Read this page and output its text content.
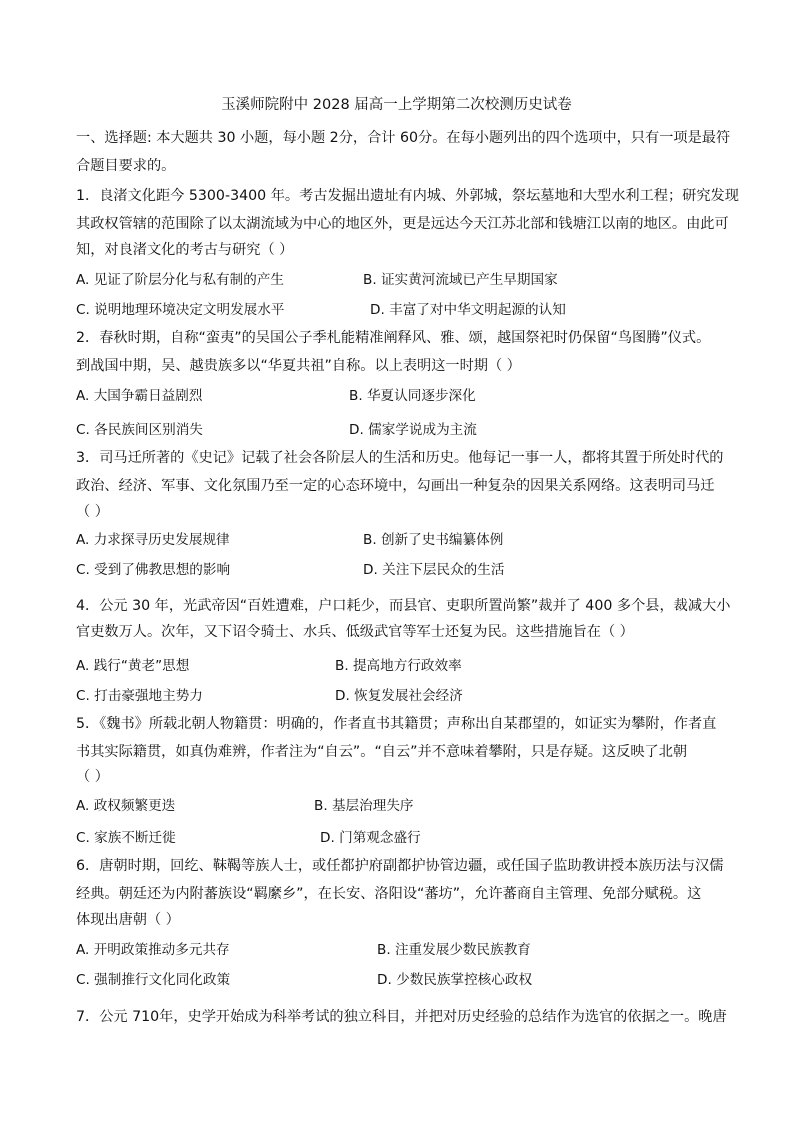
玉溪师院附中 2028 届高一上学期第二次校测历史试卷
一、选择题: 本大题共 30 小题，每小题 2分，合计 60分。在每小题列出的四个选项中，只有一项是最符
合题目要求的。
1．良渚文化距今 5300-3400 年。考古发掘出遗址有内城、外郭城，祭坛墓地和大型水利工程；研究发现
其政权管辖的范围除了以太湖流域为中心的地区外，更是远达今天江苏北部和钱塘江以南的地区。由此可
知，对良渚文化的考古与研究（ ）
A. 见证了阶层分化与私有制的产生	B. 证实黄河流域已产生早期国家
C. 说明地理环境决定文明发展水平	D. 丰富了对中华文明起源的认知
2．春秋时期，自称“蛮夷”的吴国公子季札能精准阐释风、雅、颂，越国祭祀时仍保留“鸟图腾”仪式。
到战国中期，吴、越贵族多以“华夏共祖”自称。以上表明这一时期（ ）
A. 大国争霸日益剧烈	B. 华夏认同逐步深化
C. 各民族间区别消失	D. 儒家学说成为主流
3．司马迁所著的《史记》记载了社会各阶层人的生活和历史。他每记一事一人，都将其置于所处时代的
政治、经济、军事、文化氛围乃至一定的心态环境中，勾画出一种复杂的因果关系网络。这表明司马迁
（ ）
A. 力求探寻历史发展规律	B. 创新了史书编纂体例
C. 受到了佛教思想的影响	D. 关注下层民众的生活
4．公元 30 年，光武帝因“百姓遭难，户口耗少，而县官、吏职所置尚繁”裁并了 400 多个县，裁减大小
官吏数万人。次年，又下诏令骑士、水兵、低级武官等军士还复为民。这些措施旨在（ ）
A. 践行“黄老”思想	B. 提高地方行政效率
C. 打击豪强地主势力	D. 恢复发展社会经济
5．《魏书》所载北朝人物籍贯：明确的，作者直书其籍贯；声称出自某郡望的，如证实为攀附，作者直
书其实际籍贯，如真伪难辨，作者注为“自云”。“自云”并不意味着攀附，只是存疑。这反映了北朝
（ ）
A. 政权频繁更迭	B. 基层治理失序
C. 家族不断迁徙	D. 门第观念盛行
6．唐朝时期，回纥、靺鞨等族人士，或任都护府副都护协管边疆，或任国子监助教讲授本族历法与汉儒
经典。朝廷还为内附蕃族设“羁縻乡”，在长安、洛阳设“蕃坊”，允许蕃商自主管理、免部分赋税。这
体现出唐朝（ ）
A. 开明政策推动多元共存	B. 注重发展少数民族教育
C. 强制推行文化同化政策	D. 少数民族掌控核心政权
7．公元 710年，史学开始成为科举考试的独立科目，并把对历史经验的总结作为选官的依据之一。晚唐
